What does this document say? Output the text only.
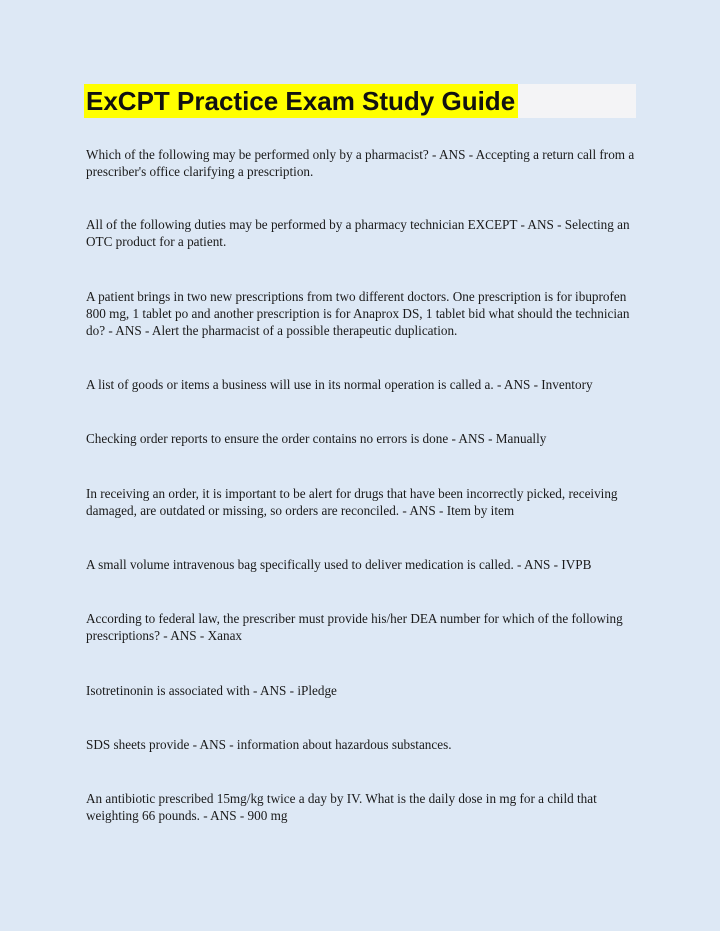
ExCPT Practice Exam Study Guide

Which of the following may be performed only by a pharmacist? - ANS - Accepting a return call from a prescriber's office clarifying a prescription.

All of the following duties may be performed by a pharmacy technician EXCEPT - ANS - Selecting an OTC product for a patient.

A patient brings in two new prescriptions from two different doctors. One prescription is for ibuprofen 800 mg, 1 tablet po and another prescription is for Anaprox DS, 1 tablet bid what should the technician do? - ANS - Alert the pharmacist of a possible therapeutic duplication.

A list of goods or items a business will use in its normal operation is called a. - ANS - Inventory

Checking order reports to ensure the order contains no errors is done - ANS - Manually

In receiving an order, it is important to be alert for drugs that have been incorrectly picked, receiving damaged, are outdated or missing, so orders are reconciled. - ANS - Item by item

A small volume intravenous bag specifically used to deliver medication is called. - ANS - IVPB

According to federal law, the prescriber must provide his/her DEA number for which of the following prescriptions? - ANS - Xanax

Isotretinonin is associated with - ANS - iPledge

SDS sheets provide - ANS - information about hazardous substances.

An antibiotic prescribed 15mg/kg twice a day by IV. What is the daily dose in mg for a child that weighting 66 pounds. - ANS - 900 mg
